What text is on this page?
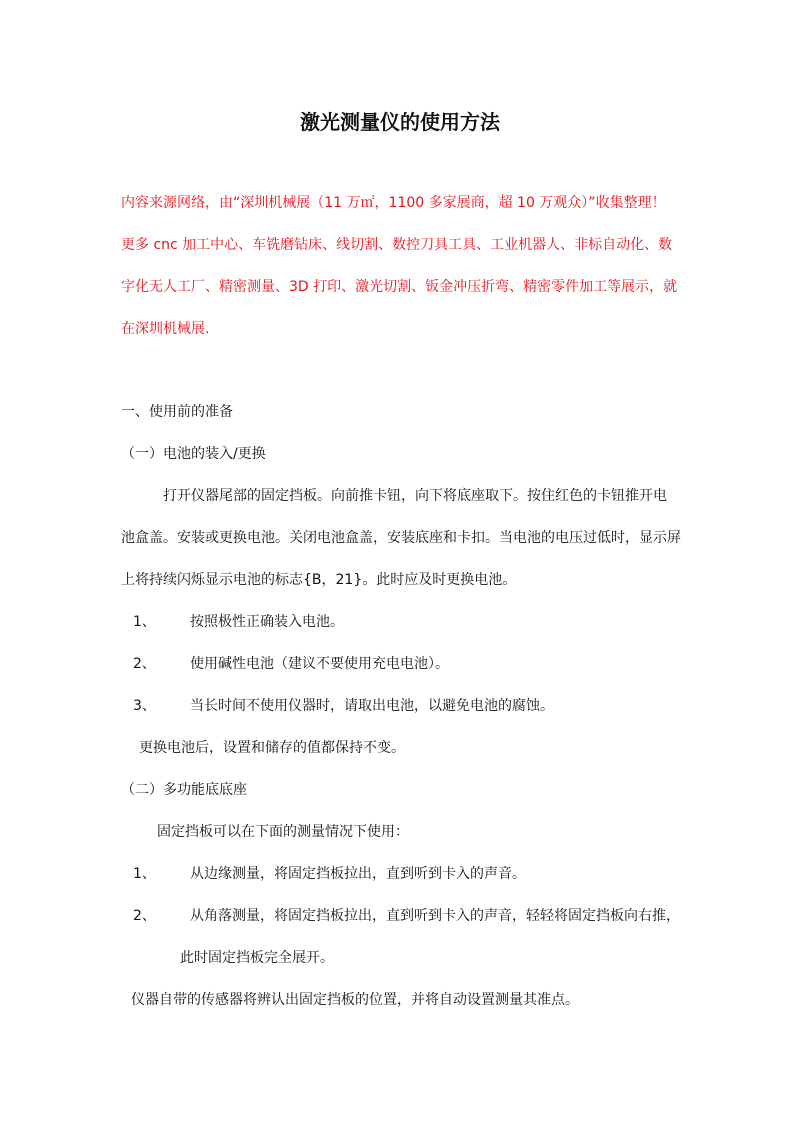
激光测量仪的使用方法
内容来源网络，由“深圳机械展（11 万㎡，1100 多家展商，超 10 万观众）”收集整理！
更多 cnc 加工中心、车铣磨钻床、线切割、数控刀具工具、工业机器人、非标自动化、数
字化无人工厂、精密测量、3D 打印、激光切割、钣金冲压折弯、精密零件加工等展示，就
在深圳机械展.
一、使用前的准备
（一）电池的装入/更换
打开仪器尾部的固定挡板。向前推卡钮，向下将底座取下。按住红色的卡钮推开电
池盒盖。安装或更换电池。关闭电池盒盖，安装底座和卡扣。当电池的电压过低时，显示屏
上将持续闪烁显示电池的标志{B，21}。此时应及时更换电池。
1、 按照极性正确装入电池。
2、 使用碱性电池（建议不要使用充电电池）。
3、 当长时间不使用仪器时，请取出电池，以避免电池的腐蚀。
更换电池后，设置和储存的值都保持不变。
（二）多功能底底座
固定挡板可以在下面的测量情况下使用：
1、 从边缘测量，将固定挡板拉出，直到听到卡入的声音。
2、 从角落测量，将固定挡板拉出，直到听到卡入的声音，轻轻将固定挡板向右推，
此时固定挡板完全展开。
仪器自带的传感器将辨认出固定挡板的位置，并将自动设置测量其准点。
